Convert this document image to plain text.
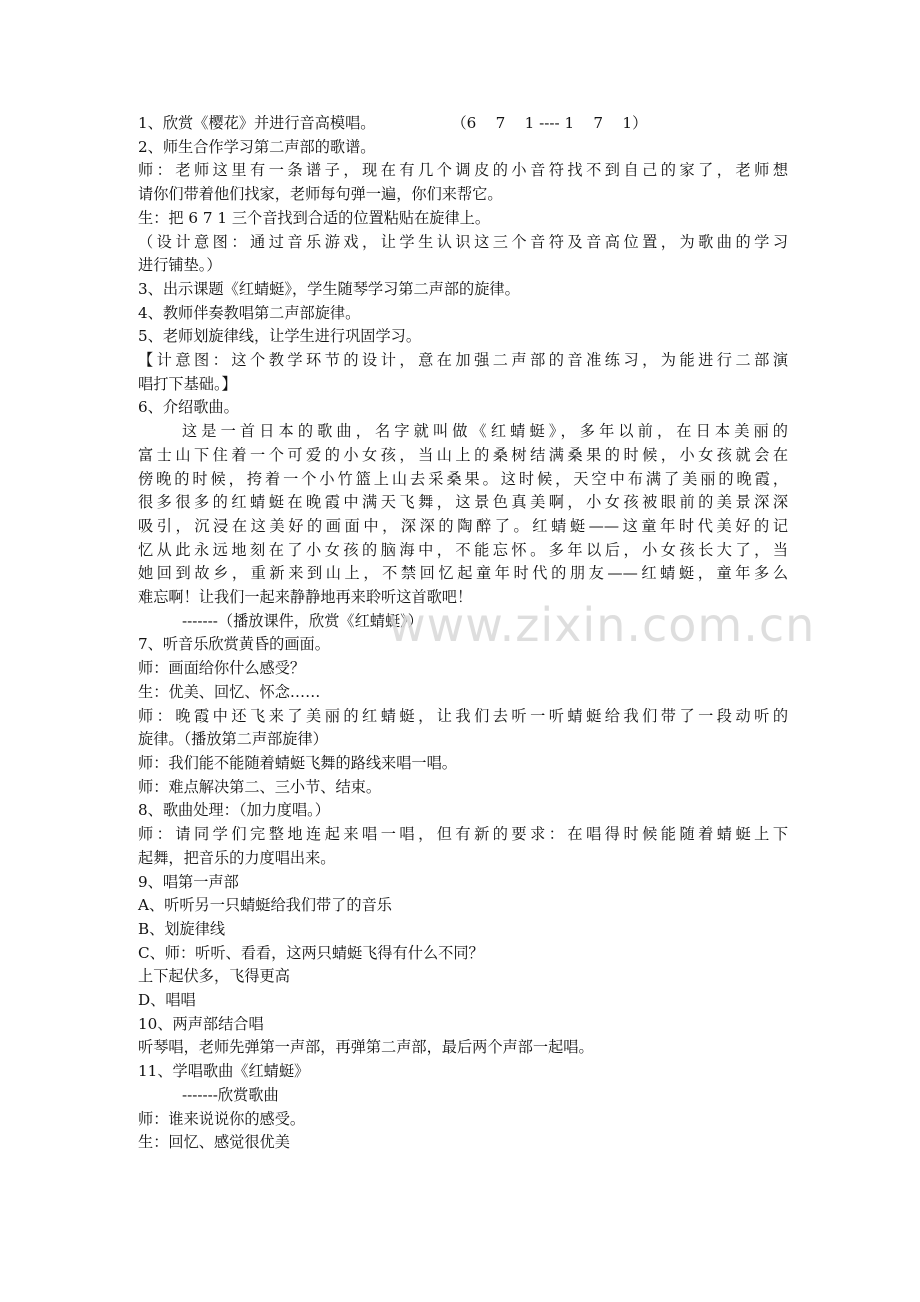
1、欣赏《樱花》并进行音高模唱。	（6    7    1 ---- 1    7    1）
2、师生合作学习第二声部的歌谱。
师：老师这里有一条谱子，现在有几个调皮的小音符找不到自己的家了，老师想
请你们带着他们找家，老师每句弹一遍，你们来帮它。
生：把 6 7 1 三个音找到合适的位置粘贴在旋律上。
（设计意图：通过音乐游戏，让学生认识这三个音符及音高位置，为歌曲的学习
进行铺垫。）
3、出示课题《红蜻蜓》，学生随琴学习第二声部的旋律。
4、教师伴奏教唱第二声部旋律。
5、老师划旋律线，让学生进行巩固学习。
【计意图：这个教学环节的设计，意在加强二声部的音准练习，为能进行二部演
唱打下基础。】
6、介绍歌曲。
这是一首日本的歌曲，名字就叫做《红蜻蜓》，多年以前，在日本美丽的
富士山下住着一个可爱的小女孩，当山上的桑树结满桑果的时候，小女孩就会在
傍晚的时候，挎着一个小竹篮上山去采桑果。这时候，天空中布满了美丽的晚霞，
很多很多的红蜻蜓在晚霞中满天飞舞，这景色真美啊，小女孩被眼前的美景深深
吸引，沉浸在这美好的画面中，深深的陶醉了。红蜻蜓——这童年时代美好的记
忆从此永远地刻在了小女孩的脑海中，不能忘怀。多年以后，小女孩长大了，当
她回到故乡，重新来到山上，不禁回忆起童年时代的朋友——红蜻蜓，童年多么
难忘啊！让我们一起来静静地再来聆听这首歌吧！
-------（播放课件，欣赏《红蜻蜓》）
7、听音乐欣赏黄昏的画面。
师：画面给你什么感受？
生：优美、回忆、怀念……
师：晚霞中还飞来了美丽的红蜻蜓，让我们去听一听蜻蜓给我们带了一段动听的
旋律。（播放第二声部旋律）
师：我们能不能随着蜻蜓飞舞的路线来唱一唱。
师：难点解决第二、三小节、结束。
8、歌曲处理：（加力度唱。）
师：请同学们完整地连起来唱一唱，但有新的要求：在唱得时候能随着蜻蜓上下
起舞，把音乐的力度唱出来。
9、唱第一声部
A、听听另一只蜻蜓给我们带了的音乐
B、划旋律线
C、师：听听、看看，这两只蜻蜓飞得有什么不同？
上下起伏多，飞得更高
D、唱唱
10、两声部结合唱
听琴唱，老师先弹第一声部，再弹第二声部，最后两个声部一起唱。
11、学唱歌曲《红蜻蜓》
-------欣赏歌曲
师：谁来说说你的感受。
生：回忆、感觉很优美
www.zixin.com.cn
